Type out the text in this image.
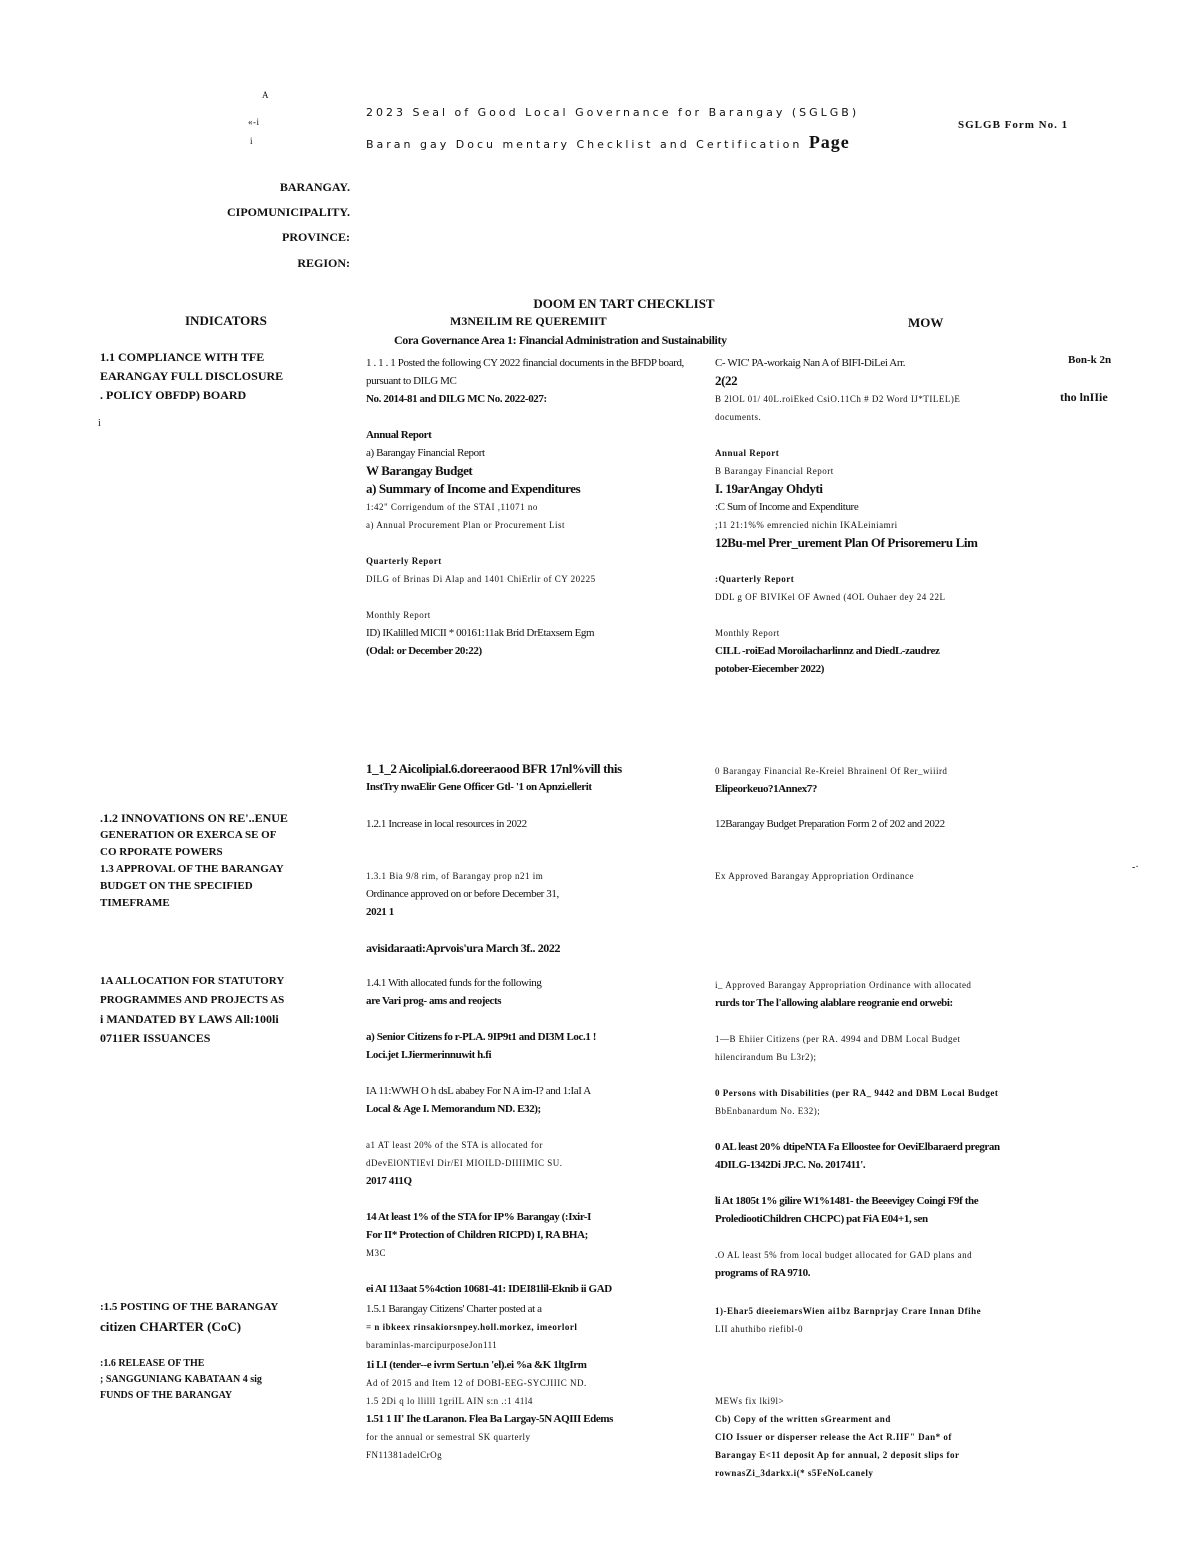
A
«-i
i
2023 Seal of Good Local Governance for Barangay (SGLGB)
Baran gay Docu mentary Checklist and Certification Page
SGLGB Form No. 1
BARANGAY.
CIPOMUNICIPALITY.
PROVINCE:
REGION:
DOOM EN TART CHECKLIST
INDICATORS	M3NEILIM RE QUEREMIIT	MOW
Cora Governance Area 1: Financial Administration and Sustainability
i
-·
1.1 COMPLIANCE WITH TFE
EARANGAY FULL DISCLOSURE
. POLICY OBFDP) BOARD
1 . 1 . 1 Posted the following CY 2022 financial documents in the BFDP board, pursuant to DILG MC
No. 2014-81 and DILG MC No. 2022-027:

Annual Report
a) Barangay Financial Report
W Barangay Budget
a) Summary of Income and Expenditures
1:42" Corrigendum of the STAI ,11071 no
a) Annual Procurement Plan or Procurement List

Quarterly Report
DILG of Brinas Di Alap and 1401 ChiErlir of CY 20225

Monthly Report
ID) IKalilled MICII * 00161:11ak Brid DrEtaxsem Egm
(Odal: or December 20:22)
C- WIC' PA-workaig Nan A of BIFI-DiLei Arr.
2(22
B 2lOL 01/ 40L.roiEked CsiO.11Ch # D2 Word IJ*TILEL)E
documents.

Annual Report
B Barangay Financial Report
I. 19arAngay Ohdyti
:C Sum of Income and Expenditure
;11 21:1%% emrencied nichin IKALeiniamri
12Bu-mel Prer_urement Plan Of Prisoremeru Lim

:Quarterly Report
DDL g OF BIVIKel OF Awned (4OL Ouhaer dey 24 22L

Monthly Report
CILL -roiEad Moroilacharlinnz and DiedL-zaudrez
potober-Eiecember 2022)
Bon-k 2n
tho lnIIie
1_1_2 Aicolipial.6.doreeraood BFR 17nl%vill this
InstTry nwaElir Gene Officer Gtl- '1 on Apnzi.ellerit
0 Barangay Financial Re-Kreiel Bhrainenl Of Rer_wiiird
Elipeorkeuo?1Annex7?
.1.2 INNOVATIONS ON RE'..ENUE
GENERATION OR EXERCA SE OF
CO RPORATE POWERS
1.3 APPROVAL OF THE BARANGAY
BUDGET ON THE SPECIFIED
TIMEFRAME
1.2.1 Increase in local resources in 2022

1.3.1 Bia 9/8 rim, of Barangay prop n21 im
Ordinance approved on or before December 31,
2021 1

avisidaraati:Aprvois'ura March 3f.. 2022
12Barangay Budget Preparation Form 2 of 202 and 2022

Ex Approved Barangay Appropriation Ordinance
1A ALLOCATION FOR STATUTORY
PROGRAMMES AND PROJECTS AS
i MANDATED BY LAWS All:100li
0711ER ISSUANCES
1.4.1 With allocated funds for the following
are Vari prog- ams and reojects

a) Senior Citizens fo r-PLA. 9IP9t1 and DI3M Loc.1 !
Loci.jet I.Jiermerinnuwit h.fi

IA 11:WWH O h dsL ababey For N A im-I? and 1:IaI A
Local & Age I. Memorandum ND. E32);

a1 AT least 20% of the STA is allocated for
dDevElONTIEvI Dir/EI MIOILD-DIIIIMIC SU.
2017 411Q

14 At least 1% of the STA for IP% Barangay (:Ixir-I
For II* Protection of Children RICPD) I, RA BHA;
M3C

ei AI 113aat 5%4ction 10681-41: IDEI81lil-Eknib ii GAD
i_ Approved Barangay Appropriation Ordinance with allocated
rurds tor The l'allowing alablare reogranie end orwebi:

1—B Ehiier Citizens (per RA. 4994 and DBM Local Budget
hilencirandum Bu L3r2);

0 Persons with Disabilities (per RA_ 9442 and DBM Local Budget
BbEnbanardum No. E32);

0 AL least 20% dtipeNTA Fa Elloostee for OeviElbaraerd pregran
4DILG-1342Di JP.C. No. 2017411'.

li At 1805t 1% gilire W1%1481- the Beeevigey Coingi F9f the
ProlediootiChildren CHCPC) pat FiA E04+1, sen

.O AL least 5% from local budget allocated for GAD plans and
programs of RA 9710.
:1.5 POSTING OF THE BARANGAY
citizen CHARTER (CoC)
1.5.1 Barangay Citizens' Charter posted at a
= n ibkeex rinsakiorsnpey.holl.morkez, imeorlorl
baraminlas-marcipurposeJon111
1)-Ehar5 dieeiemarsWien ai1bz Barnprjay Crare Innan Dfihe
LII ahuthibo riefibl-0
:1.6 RELEASE OF THE
; SANGGUNIANG KABATAAN 4 sig
FUNDS OF THE BARANGAY
1i LI (tender--e ivrm Sertu.n 'el).ei %a &K 1ltgIrm
Ad of 2015 and Item 12 of DOBI-EEG-SYCJIIIC ND.
1.5 2Di q lo llilll 1griIL AIN s:n .:1 41l4
1.51 1 II' Ihe tLaranon. Flea Ba Largay-5N AQIII Edems
for the annual or semestral SK quarterly
FN11381adelCrOg
MEWs fix lki9l>
Cb) Copy of the written sGrearment and
CIO Issuer or disperser release the Act R.IIF" Dan* of
Barangay E<11 deposit Ap for annual, 2 deposit slips for
rownasZi_3darkx.i(* s5FeNoLcanely
